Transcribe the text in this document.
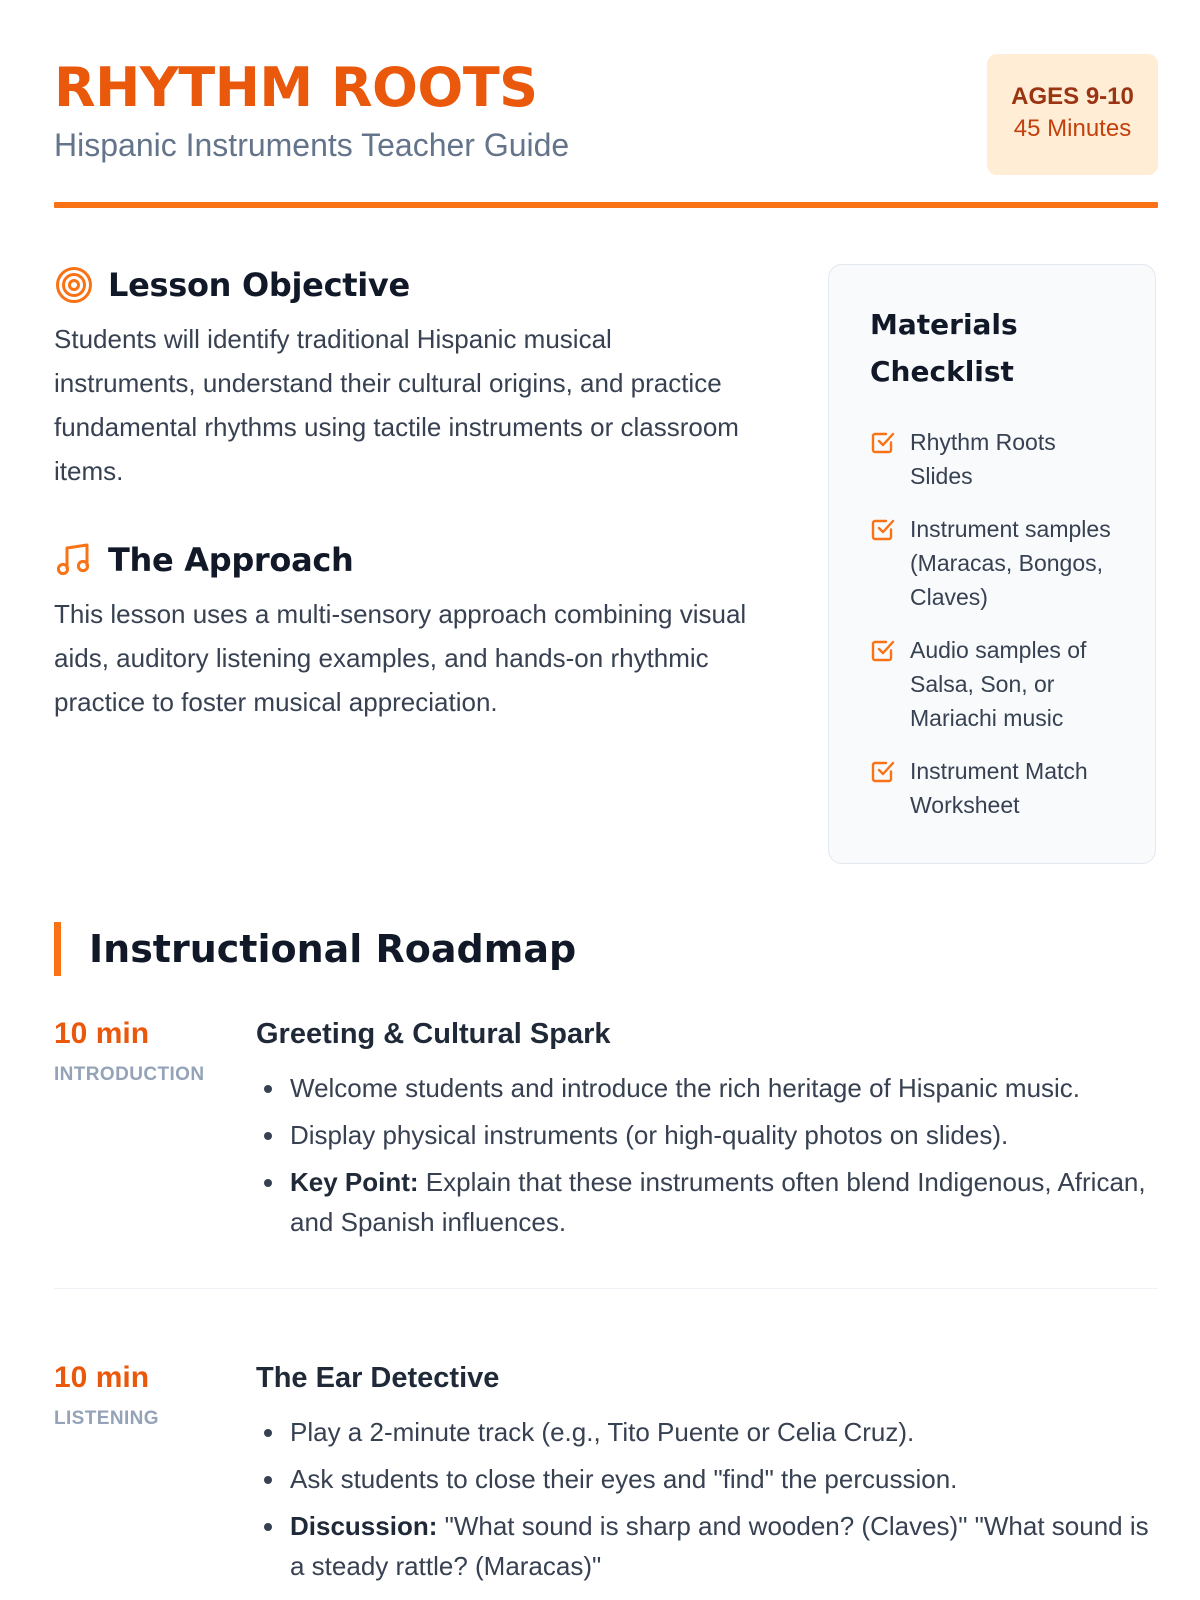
RHYTHM ROOTS

Hispanic Instruments Teacher Guide

AGES 9-10
45 Minutes
Lesson Objective

Students will identify traditional Hispanic musical instruments, understand their cultural origins, and practice fundamental rhythms using tactile instruments or classroom items.

The Approach

This lesson uses a multi-sensory approach combining visual aids, auditory listening examples, and hands-on rhythmic practice to foster musical appreciation.

Materials Checklist
Rhythm Roots Slides
Instrument samples (Maracas, Bongos, Claves)
Audio samples of Salsa, Son, or Mariachi music
Instrument Match Worksheet
Instructional Roadmap
10 min
INTRODUCTION
Greeting & Cultural Spark
Welcome students and introduce the rich heritage of Hispanic music.
Display physical instruments (or high-quality photos on slides).
Key Point: Explain that these instruments often blend Indigenous, African, and Spanish influences.
10 min
LISTENING
The Ear Detective
Play a 2-minute track (e.g., Tito Puente or Celia Cruz).
Ask students to close their eyes and "find" the percussion.
Discussion: "What sound is sharp and wooden? (Claves)" "What sound is a steady rattle? (Maracas)"
